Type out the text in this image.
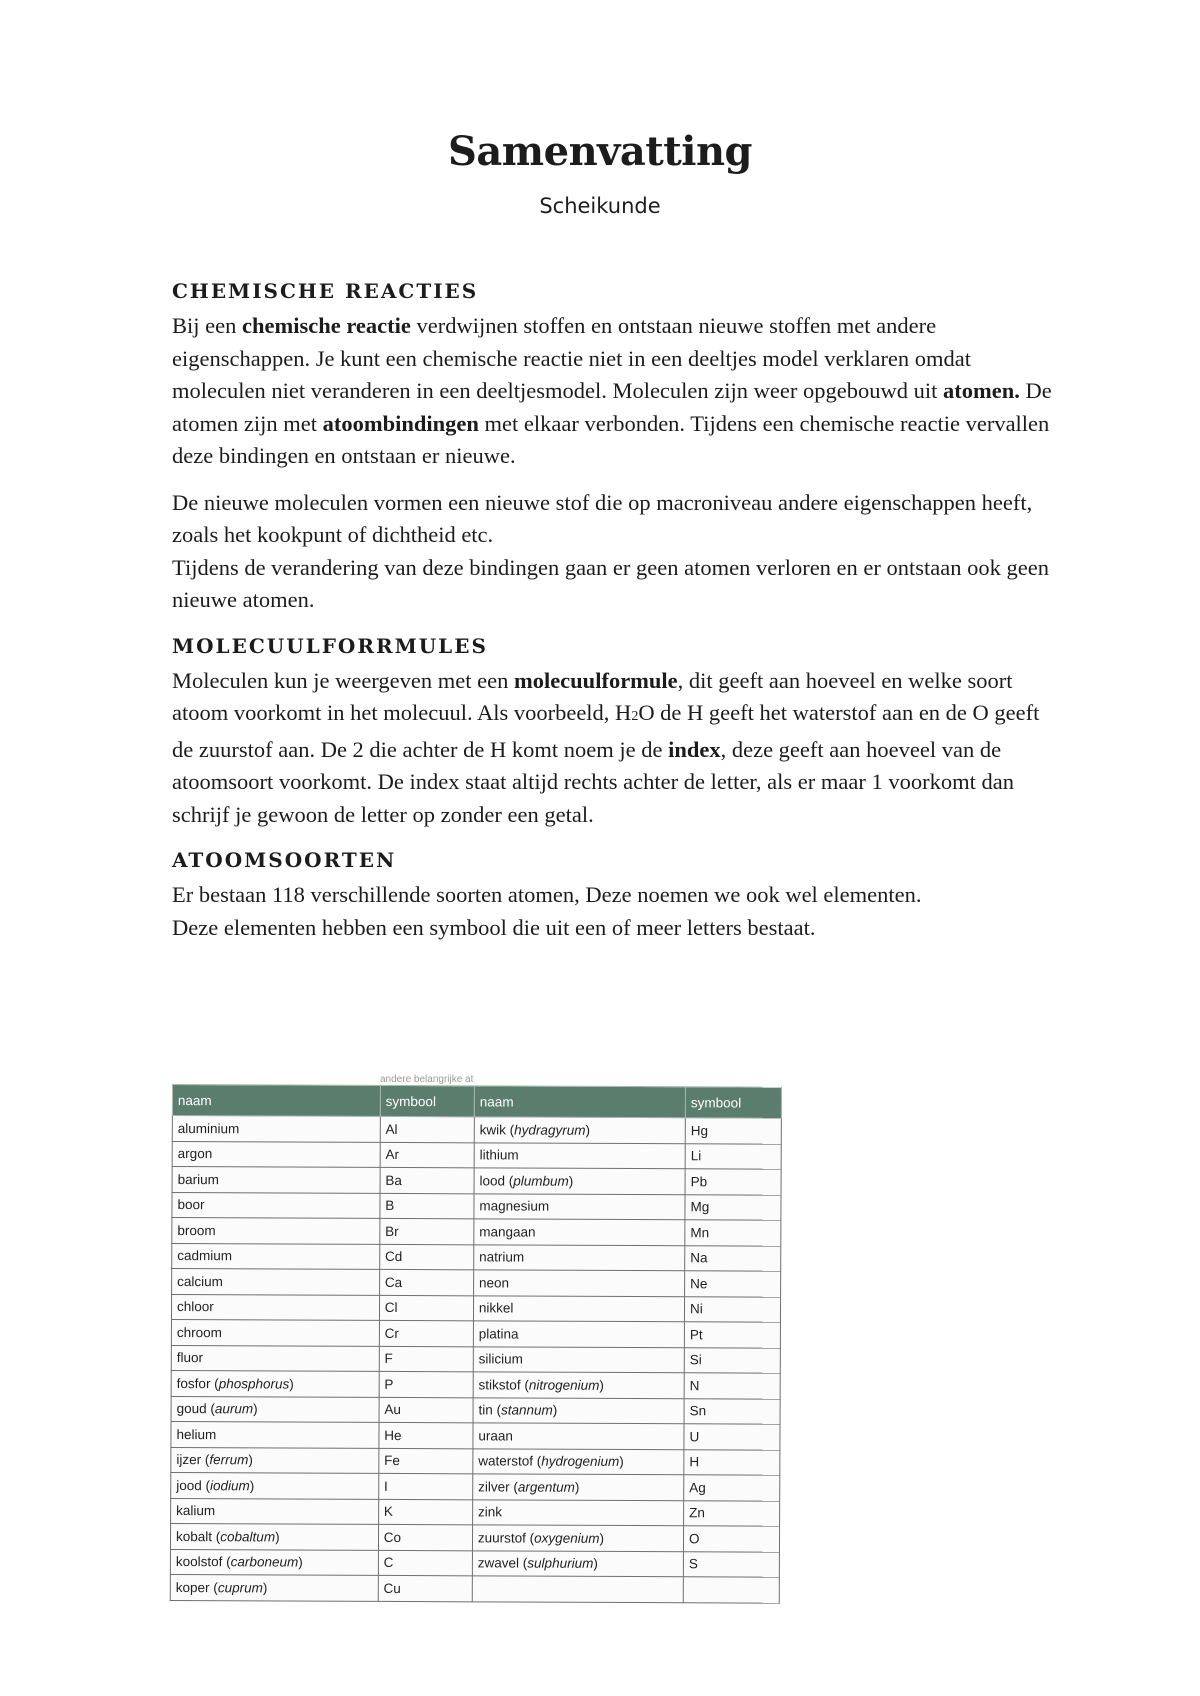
Samenvatting
Scheikunde
CHEMISCHE REACTIES

Bij een chemische reactie verdwijnen stoffen en ontstaan nieuwe stoffen met andere eigenschappen. Je kunt een chemische reactie niet in een deeltjes model verklaren omdat moleculen niet veranderen in een deeltjesmodel. Moleculen zijn weer opgebouwd uit atomen. De atomen zijn met atoombindingen met elkaar verbonden. Tijdens een chemische reactie vervallen deze bindingen en ontstaan er nieuwe.

De nieuwe moleculen vormen een nieuwe stof die op macroniveau andere eigenschappen heeft, zoals het kookpunt of dichtheid etc.

Tijdens de verandering van deze bindingen gaan er geen atomen verloren en er ontstaan ook geen nieuwe atomen.

MOLECUULFORRMULES

Moleculen kun je weergeven met een molecuulformule, dit geeft aan hoeveel en welke soort atoom voorkomt in het molecuul. Als voorbeeld, H2O de H geeft het waterstof aan en de O geeft de zuurstof aan. De 2 die achter de H komt noem je de index, deze geeft aan hoeveel van de atoomsoort voorkomt. De index staat altijd rechts achter de letter, als er maar 1 voorkomt dan schrijf je gewoon de letter op zonder een getal.

ATOOMSOORTEN

Er bestaan 118 verschillende soorten atomen, Deze noemen we ook wel elementen.

Deze elementen hebben een symbool die uit een of meer letters bestaat.

andere belangrijke at
naam	symbool	naam	symbool
aluminium	Al	kwik (hydragyrum)	Hg
argon	Ar	lithium	Li
barium	Ba	lood (plumbum)	Pb
boor	B	magnesium	Mg
broom	Br	mangaan	Mn
cadmium	Cd	natrium	Na
calcium	Ca	neon	Ne
chloor	Cl	nikkel	Ni
chroom	Cr	platina	Pt
fluor	F	silicium	Si
fosfor (phosphorus)	P	stikstof (nitrogenium)	N
goud (aurum)	Au	tin (stannum)	Sn
helium	He	uraan	U
ijzer (ferrum)	Fe	waterstof (hydrogenium)	H
jood (iodium)	I	zilver (argentum)	Ag
kalium	K	zink	Zn
kobalt (cobaltum)	Co	zuurstof (oxygenium)	O
koolstof (carboneum)	C	zwavel (sulphurium)	S
koper (cuprum)	Cu		
